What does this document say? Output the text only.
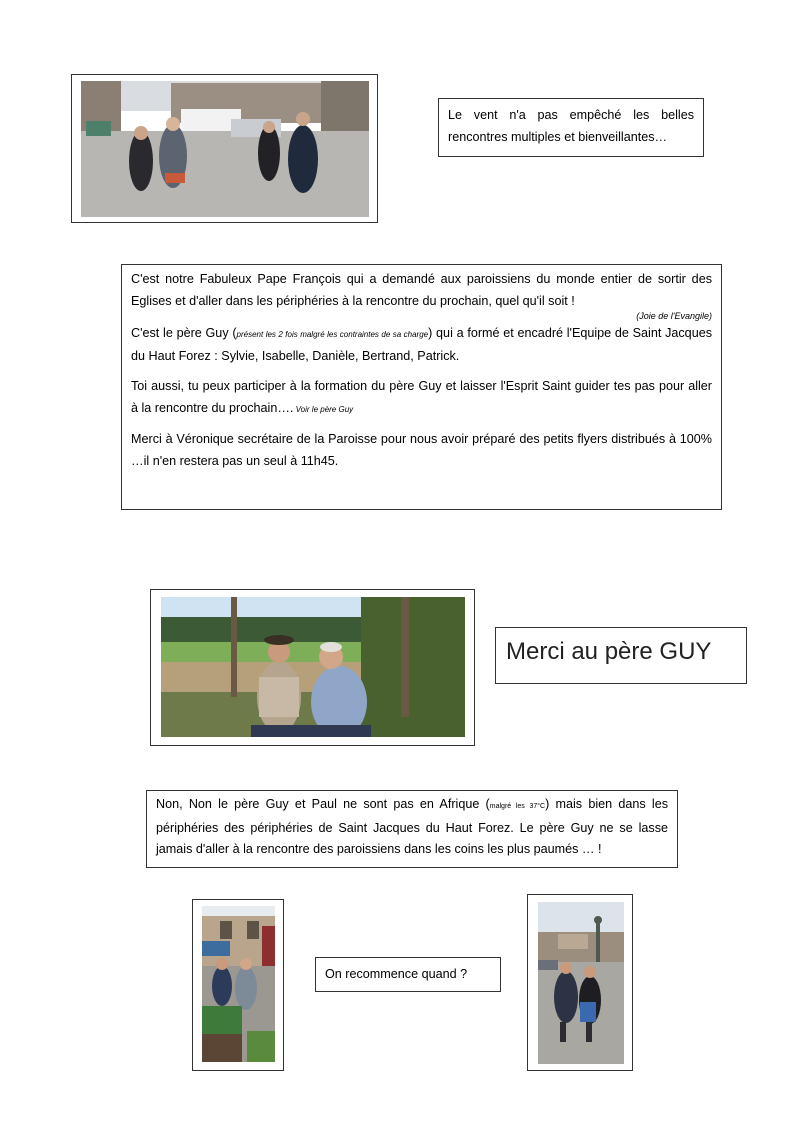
Le vent n'a pas empêché les belles rencontres multiples et bienveillantes…

C'est notre Fabuleux Pape François qui a demandé aux paroissiens du monde entier de sortir des Eglises et d'aller dans les périphéries à la rencontre du prochain, quel qu'il soit !

(Joie de l'Evangile)

C'est le père Guy (présent les 2 fois malgré les contraintes de sa charge) qui a formé et encadré l'Equipe de Saint Jacques du Haut Forez : Sylvie, Isabelle, Danièle, Bertrand, Patrick.

Toi aussi, tu peux participer à la formation du père Guy et laisser l'Esprit Saint guider tes pas pour aller à la rencontre du prochain…. Voir le père Guy

Merci à Véronique secrétaire de la Paroisse pour nous avoir préparé des petits flyers distribués à 100% …il n'en restera pas un seul à 11h45.

Merci au père GUY

Non, Non le père Guy et Paul ne sont pas en Afrique (malgré les 37°C) mais bien dans les périphéries des périphéries de Saint Jacques du Haut Forez. Le père Guy ne se lasse jamais d'aller à la rencontre des paroissiens dans les coins les plus paumés … !

On recommence quand ?
